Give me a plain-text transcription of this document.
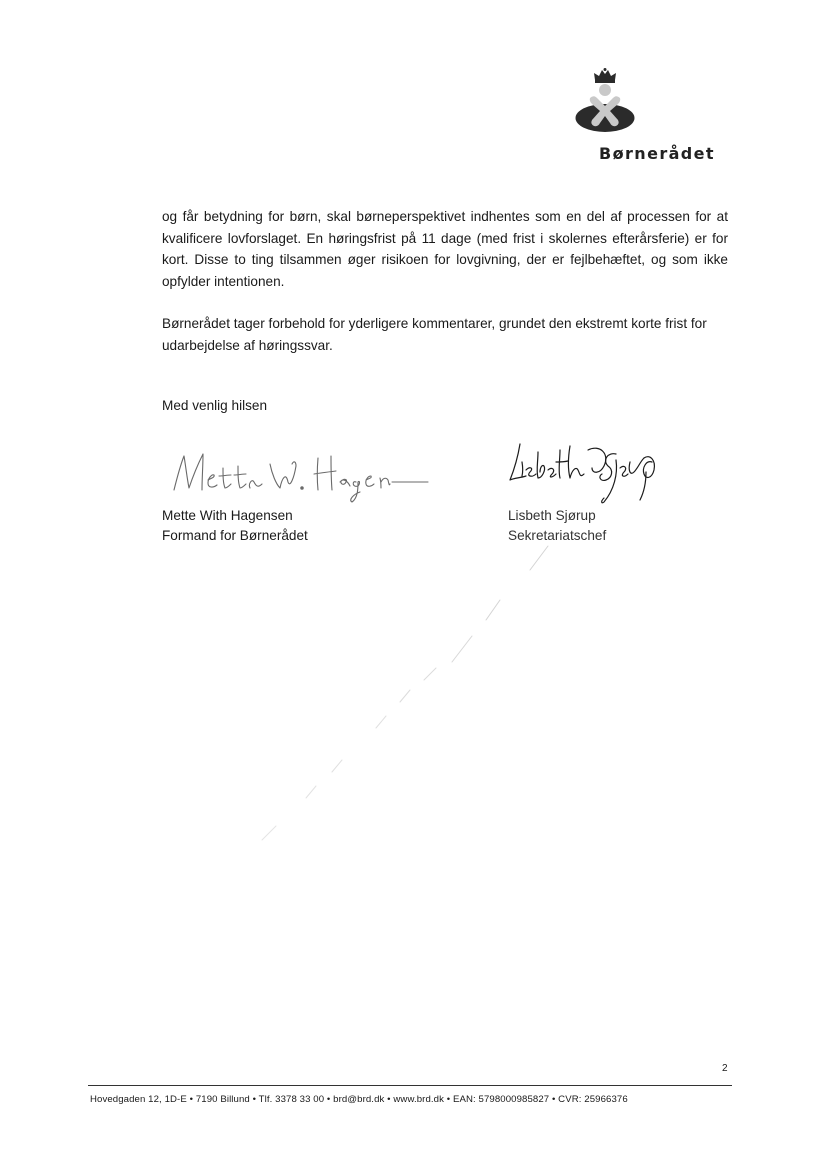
Børnerådet

og får betydning for børn, skal børneperspektivet indhentes som en del af processen for at kvalificere lovforslaget. En høringsfrist på 11 dage (med frist i skolernes efterårsferie) er for kort. Disse to ting tilsammen øger risikoen for lovgivning, der er fejlbehæftet, og som ikke opfylder intentionen.

Børnerådet tager forbehold for yderligere kommentarer, grundet den ekstremt korte frist for udarbejdelse af høringssvar.

Med venlig hilsen
Mette With Hagensen
Formand for Børnerådet
Lisbeth Sjørup
Sekretariatschef
2
Hovedgaden 12, 1D-E • 7190 Billund • Tlf. 3378 33 00 • brd@brd.dk • www.brd.dk • EAN: 5798000985827 • CVR: 25966376
